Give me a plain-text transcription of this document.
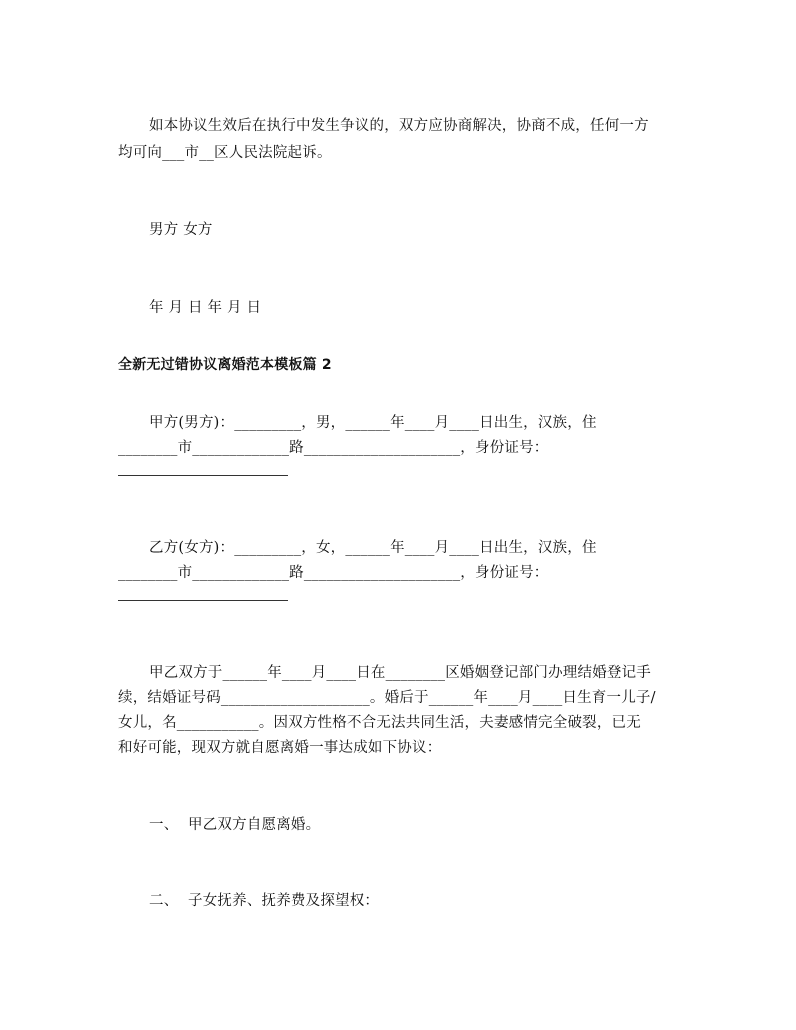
如本协议生效后在执行中发生争议的，双方应协商解决，协商不成，任何一方
均可向___市__区人民法院起诉。
男方 女方
年 月 日 年 月 日
全新无过错协议离婚范本模板篇 2
甲方(男方)：_________，男，______年____月____日出生，汉族，住
________市_____________路_____________________，身份证号：
乙方(女方)：_________，女，______年____月____日出生，汉族，住
________市_____________路_____________________，身份证号：
甲乙双方于______年____月____日在________区婚姻登记部门办理结婚登记手
续，结婚证号码____________________。婚后于______年____月____日生育一儿子/
女儿，名___________。因双方性格不合无法共同生活，夫妻感情完全破裂，已无
和好可能，现双方就自愿离婚一事达成如下协议：
一、  甲乙双方自愿离婚。
二、  子女抚养、抚养费及探望权：
